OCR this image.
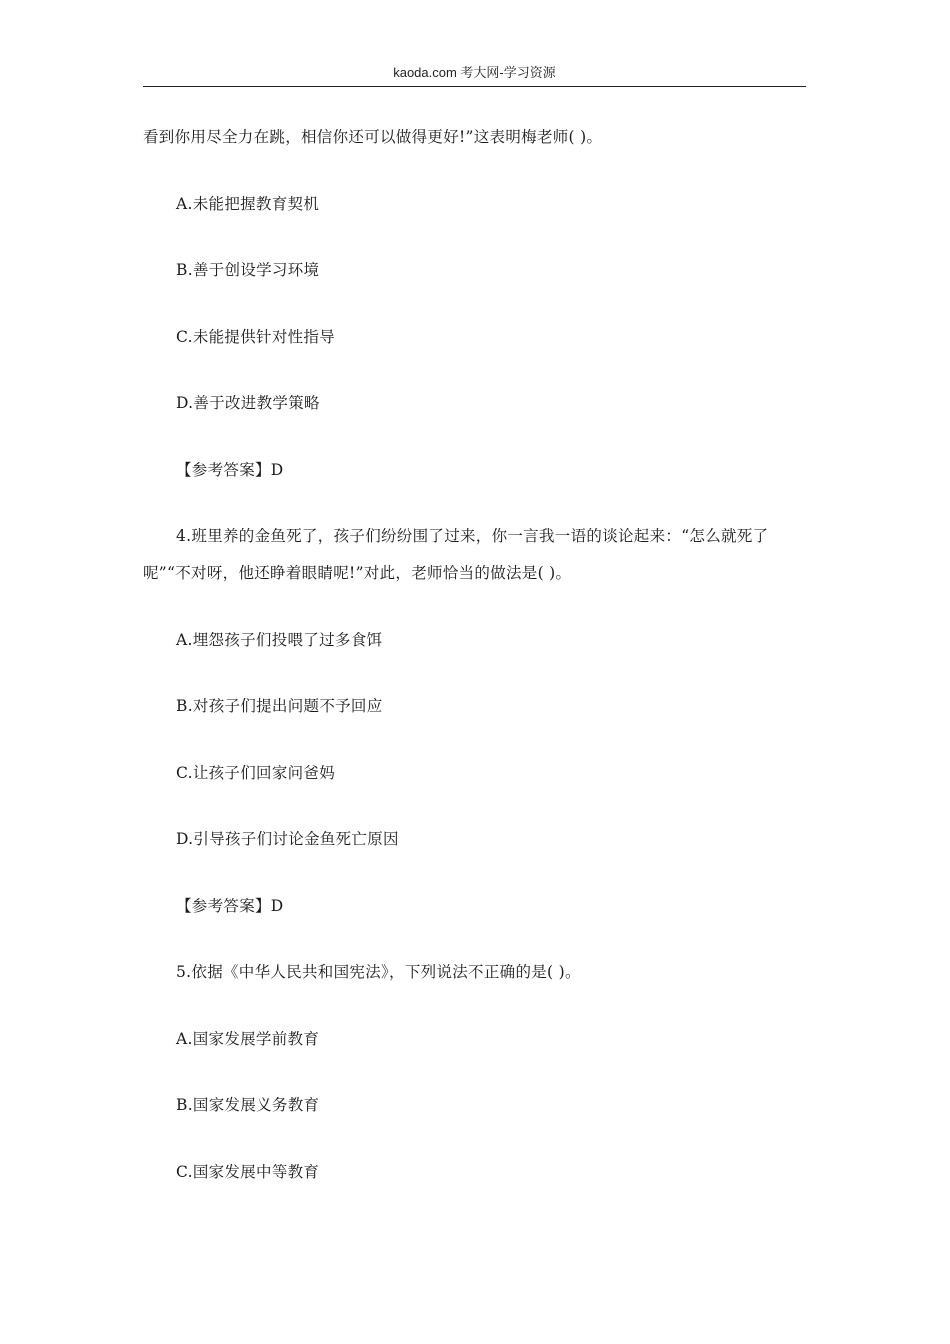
kaoda.com 考大网-学习资源
看到你用尽全力在跳，相信你还可以做得更好!”这表明梅老师( )。
A.未能把握教育契机
B.善于创设学习环境
C.未能提供针对性指导
D.善于改进教学策略
【参考答案】D
4.班里养的金鱼死了，孩子们纷纷围了过来，你一言我一语的谈论起来：“怎么就死了
呢”“不对呀，他还睁着眼睛呢!”对此，老师恰当的做法是( )。
A.埋怨孩子们投喂了过多食饵
B.对孩子们提出问题不予回应
C.让孩子们回家问爸妈
D.引导孩子们讨论金鱼死亡原因
【参考答案】D
5.依据《中华人民共和国宪法》，下列说法不正确的是( )。
A.国家发展学前教育
B.国家发展义务教育
C.国家发展中等教育
